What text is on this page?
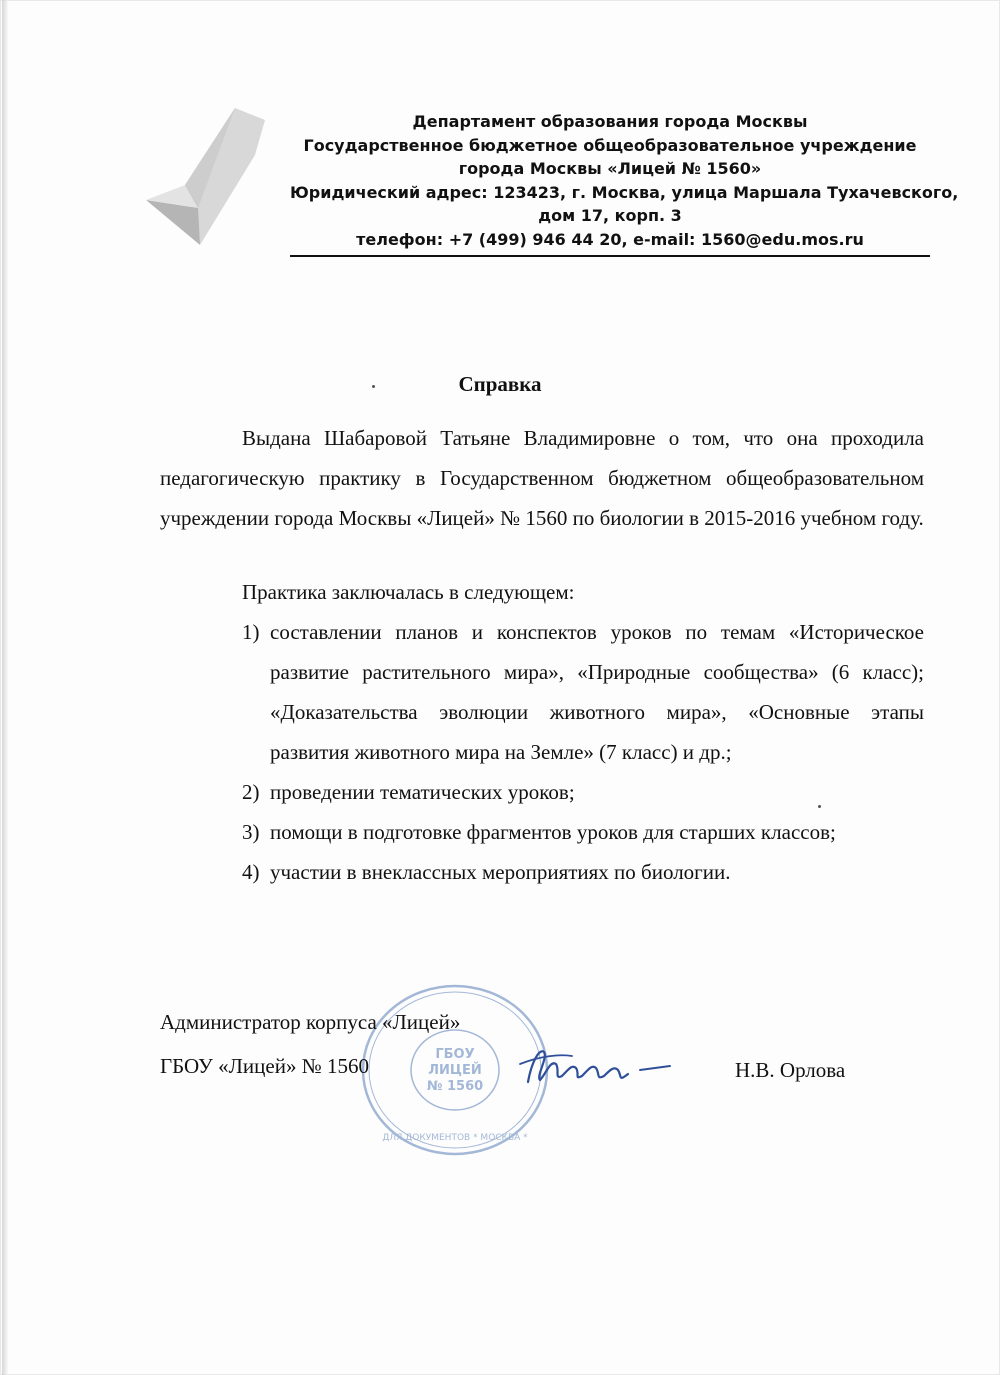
Департамент образования города Москвы
Государственное бюджетное общеобразовательное учреждение
города Москвы «Лицей № 1560»
Юридический адрес: 123423, г. Москва, улица Маршала Тухачевского,
дом 17, корп. 3
телефон: +7 (499) 946 44 20, e-mail: 1560@edu.mos.ru
Справка
Выдана Шабаровой Татьяне Владимировне о том, что она проходила педагогическую практику в Государственном бюджетном общеобразовательном учреждении города Москвы «Лицей» № 1560 по биологии в 2015-2016 учебном году.
Практика заключалась в следующем:
1) составлении планов и конспектов уроков по темам «Историческое развитие растительного мира», «Природные сообщества» (6 класс); «Доказательства эволюции животного мира», «Основные этапы развития животного мира на Земле» (7 класс) и др.;
2) проведении тематических уроков;
3) помощи в подготовке фрагментов уроков для старших классов;
4) участии в внеклассных мероприятиях по биологии.
ГБОУ
ЛИЦЕЙ
№ 1560
ДЛЯ ДОКУМЕНТОВ * МОСКВА *
Администратор корпуса «Лицей»
ГБОУ «Лицей» № 1560	Н.В. Орлова
